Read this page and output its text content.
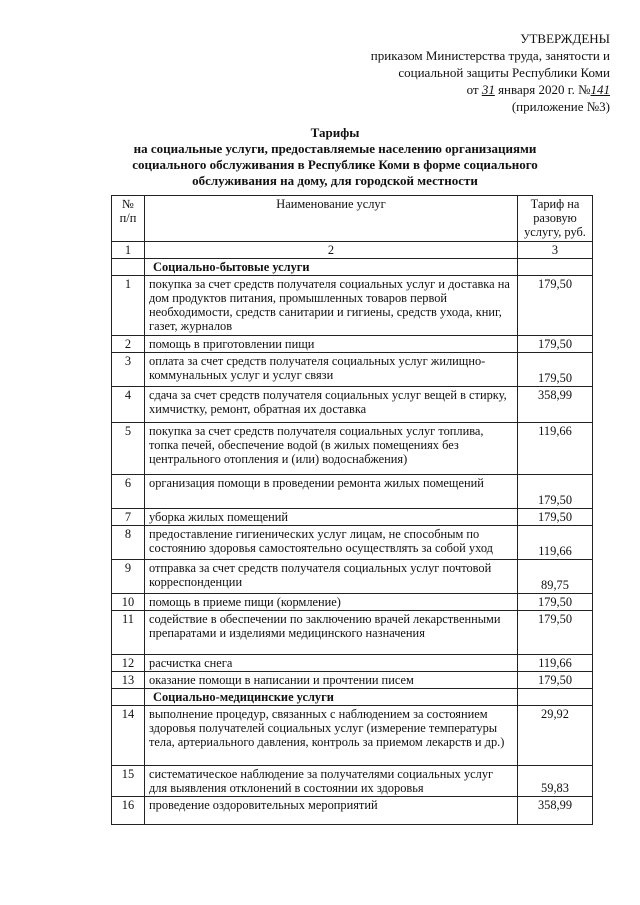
УТВЕРЖДЕНЫ
приказом Министерства труда, занятости и
социальной защиты Республики Коми
от 31 января 2020 г. №141
(приложение №3)
Тарифы
на социальные услуги, предоставляемые населению организациями социального обслуживания в Республике Коми в форме социального обслуживания на дому, для городской местности
№ п/п	Наименование услуг	Тариф на разовую услугу, руб.
1	2	3
	Социально-бытовые услуги	
1	покупка за счет средств получателя социальных услуг и доставка на дом продуктов питания, промышленных товаров первой необходимости, средств санитарии и гигиены, средств ухода, книг, газет, журналов	179,50
2	помощь в приготовлении пищи	179,50
3	оплата за счет средств получателя социальных услуг жилищно-коммунальных услуг и услуг связи	179,50
4	сдача за счет средств получателя социальных услуг вещей в стирку, химчистку, ремонт, обратная их доставка	358,99
5	покупка за счет средств получателя социальных услуг топлива, топка печей, обеспечение водой (в жилых помещениях без центрального отопления и (или) водоснабжения)	119,66
6	организация помощи в проведении ремонта жилых помещений	179,50
7	уборка жилых помещений	179,50
8	предоставление гигиенических услуг лицам, не способным по состоянию здоровья самостоятельно осуществлять за собой уход	119,66
9	отправка за счет средств получателя социальных услуг почтовой корреспонденции	89,75
10	помощь в приеме пищи (кормление)	179,50
11	содействие в обеспечении по заключению врачей лекарственными препаратами и изделиями медицинского назначения	179,50
12	расчистка снега	119,66
13	оказание помощи в написании и прочтении писем	179,50
	Социально-медицинские услуги	
14	выполнение процедур, связанных с наблюдением за состоянием здоровья получателей социальных услуг (измерение температуры тела, артериального давления, контроль за приемом лекарств и др.)	29,92
15	систематическое наблюдение за получателями социальных услуг для выявления отклонений в состоянии их здоровья	59,83
16	проведение оздоровительных мероприятий	358,99
